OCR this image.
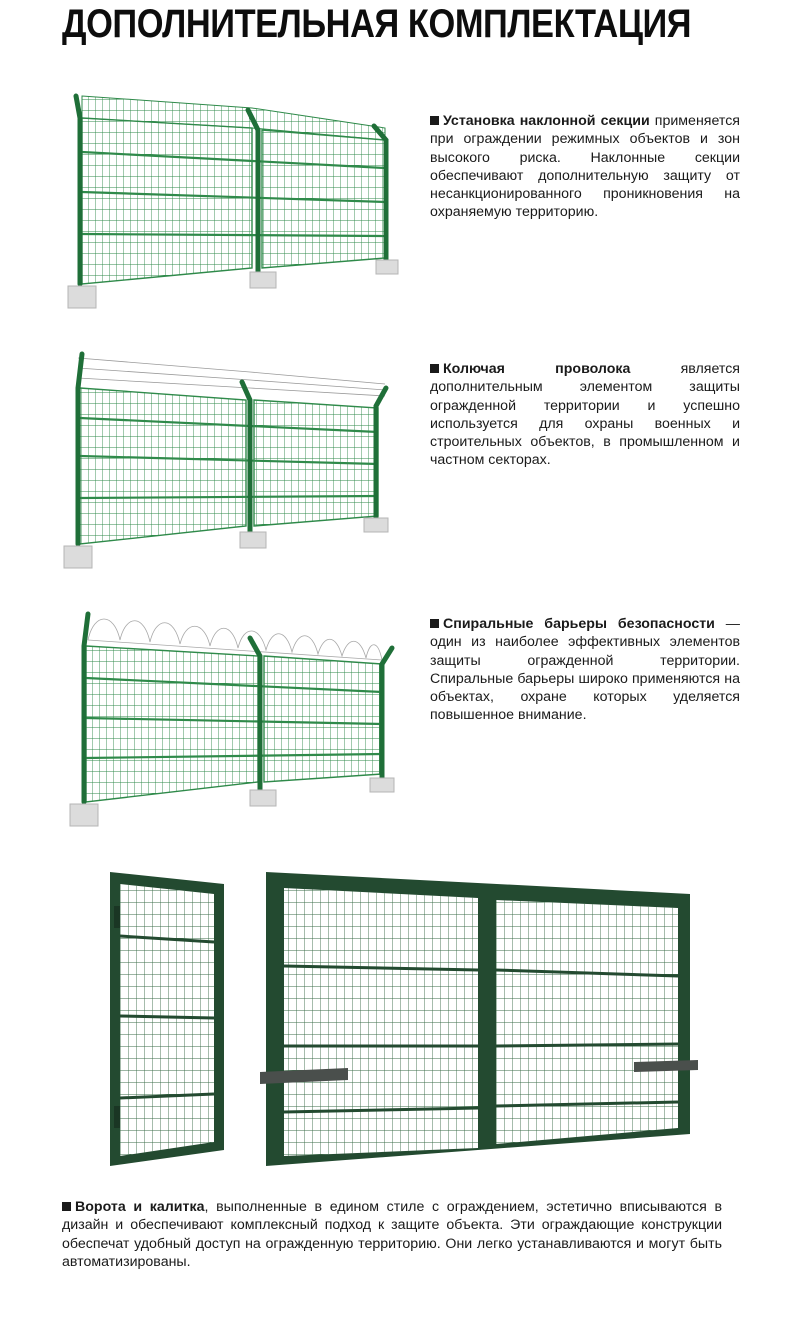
ДОПОЛНИТЕЛЬНАЯ КОМПЛЕКТАЦИЯ
Установка наклонной секции применяется при ограждении режимных объектов и зон высокого риска. Наклонные секции обеспечивают дополнительную защиту от несанкционированного проникновения на охраняемую территорию.
Колючая проволока является дополнительным элементом защиты огражденной территории и успешно используется для охраны военных и строительных объектов, в промышленном и частном секторах.
Спиральные барьеры безопасности — один из наиболее эффективных элементов защиты огражденной территории. Спиральные барьеры широко применяются на объектах, охране которых уделяется повышенное внимание.
Ворота и калитка, выполненные в едином стиле с ограждением, эстетично вписываются в дизайн и обеспечивают комплексный подход к защите объекта. Эти ограждающие конструкции обеспечат удобный доступ на огражденную территорию. Они легко устанавливаются и могут быть автоматизированы.
